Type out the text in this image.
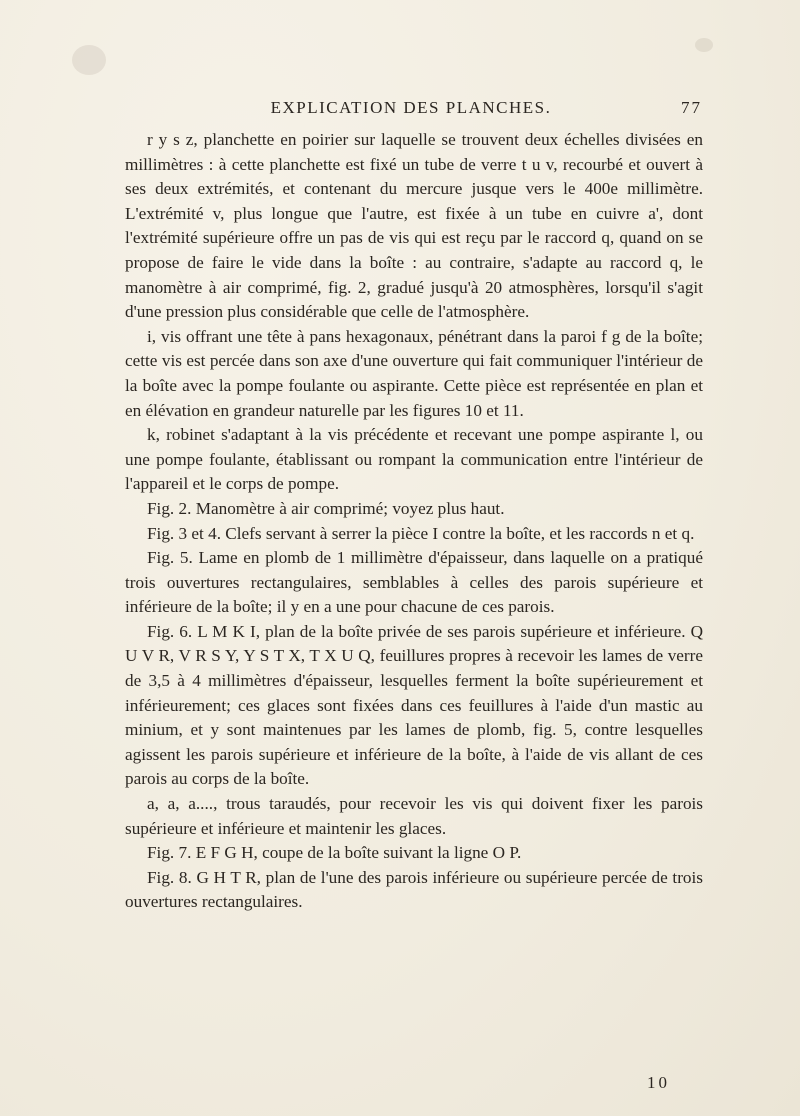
EXPLICATION DES PLANCHES.	77

r y s z, planchette en poirier sur laquelle se trouvent deux échelles divisées en millimètres : à cette planchette est fixé un tube de verre t u v, recourbé et ouvert à ses deux extrémités, et contenant du mercure jusque vers le 400e millimètre. L'extrémité v, plus longue que l'autre, est fixée à un tube en cuivre a', dont l'extrémité supérieure offre un pas de vis qui est reçu par le raccord q, quand on se propose de faire le vide dans la boîte : au contraire, s'adapte au raccord q, le manomètre à air comprimé, fig. 2, gradué jusqu'à 20 atmosphères, lorsqu'il s'agit d'une pression plus considérable que celle de l'atmosphère.

i, vis offrant une tête à pans hexagonaux, pénétrant dans la paroi f g de la boîte; cette vis est percée dans son axe d'une ouverture qui fait communiquer l'intérieur de la boîte avec la pompe foulante ou aspirante. Cette pièce est représentée en plan et en élévation en grandeur naturelle par les figures 10 et 11.

k, robinet s'adaptant à la vis précédente et recevant une pompe aspirante l, ou une pompe foulante, établissant ou rompant la communication entre l'intérieur de l'appareil et le corps de pompe.

Fig. 2. Manomètre à air comprimé; voyez plus haut.

Fig. 3 et 4. Clefs servant à serrer la pièce I contre la boîte, et les raccords n et q.

Fig. 5. Lame en plomb de 1 millimètre d'épaisseur, dans laquelle on a pratiqué trois ouvertures rectangulaires, semblables à celles des parois supérieure et inférieure de la boîte; il y en a une pour chacune de ces parois.

Fig. 6. L M K I, plan de la boîte privée de ses parois supérieure et inférieure. Q U V R, V R S Y, Y S T X, T X U Q, feuillures propres à recevoir les lames de verre de 3,5 à 4 millimètres d'épaisseur, lesquelles ferment la boîte supérieurement et inférieurement; ces glaces sont fixées dans ces feuillures à l'aide d'un mastic au minium, et y sont maintenues par les lames de plomb, fig. 5, contre lesquelles agissent les parois supérieure et inférieure de la boîte, à l'aide de vis allant de ces parois au corps de la boîte.

a, a, a...., trous taraudés, pour recevoir les vis qui doivent fixer les parois supérieure et inférieure et maintenir les glaces.

Fig. 7. E F G H, coupe de la boîte suivant la ligne O P.

Fig. 8. G H T R, plan de l'une des parois inférieure ou supérieure percée de trois ouvertures rectangulaires.

10
